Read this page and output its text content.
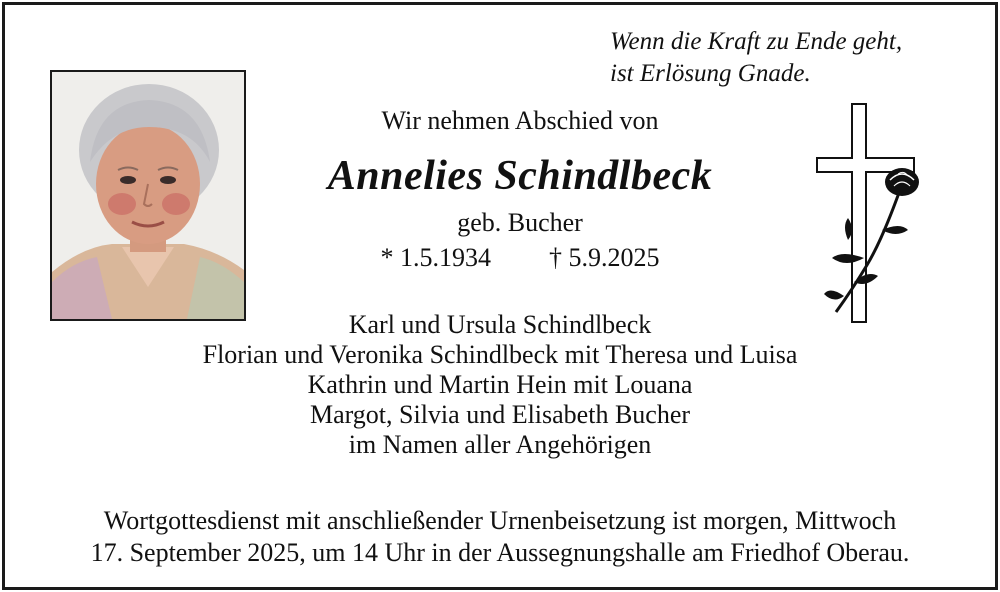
Wenn die Kraft zu Ende geht,
ist Erlösung Gnade.
Wir nehmen Abschied von
Annelies Schindlbeck
geb. Bucher
* 1.5.1934 † 5.9.2025
Karl und Ursula Schindlbeck
Florian und Veronika Schindlbeck mit Theresa und Luisa
Kathrin und Martin Hein mit Louana
Margot, Silvia und Elisabeth Bucher
im Namen aller Angehörigen
Wortgottesdienst mit anschließender Urnenbeisetzung ist morgen, Mittwoch
17. September 2025, um 14 Uhr in der Aussegnungshalle am Friedhof Oberau.
